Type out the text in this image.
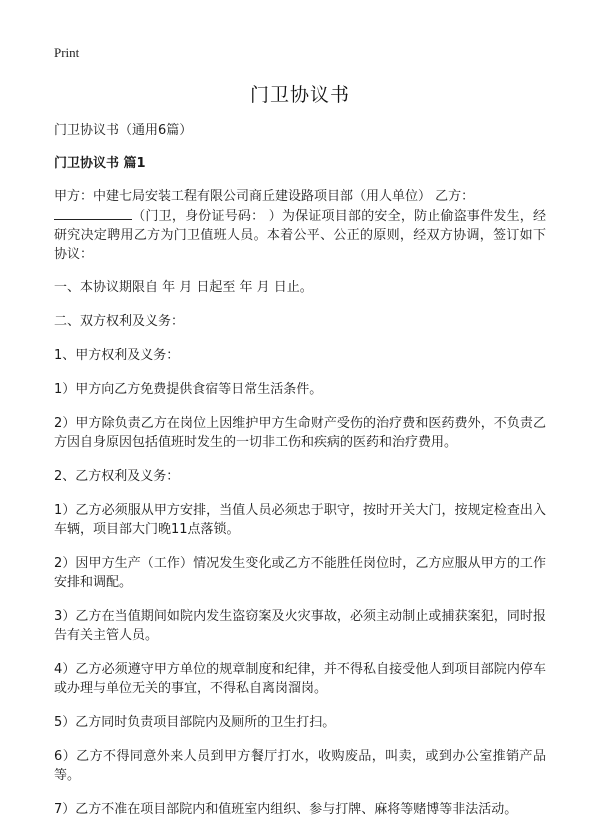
Print
门卫协议书

门卫协议书（通用6篇）

门卫协议书 篇1

甲方：中建七局安装工程有限公司商丘建设路项目部（用人单位） 乙方：
（门卫，身份证号码： ）为保证项目部的安全，防止偷盗事件发生，经研究决定聘用乙方为门卫值班人员。本着公平、公正的原则，经双方协调，签订如下协议：

一、本协议期限自 年 月 日起至 年 月 日止。

二、双方权利及义务：

1、甲方权利及义务：

1）甲方向乙方免费提供食宿等日常生活条件。

2）甲方除负责乙方在岗位上因维护甲方生命财产受伤的治疗费和医药费外，不负责乙方因自身原因包括值班时发生的一切非工伤和疾病的医药和治疗费用。

2、乙方权利及义务：

1）乙方必须服从甲方安排，当值人员必须忠于职守，按时开关大门，按规定检查出入车辆，项目部大门晚11点落锁。

2）因甲方生产（工作）情况发生变化或乙方不能胜任岗位时，乙方应服从甲方的工作安排和调配。

3）乙方在当值期间如院内发生盗窃案及火灾事故，必须主动制止或捕获案犯，同时报告有关主管人员。

4）乙方必须遵守甲方单位的规章制度和纪律，并不得私自接受他人到项目部院内停车或办理与单位无关的事宜，不得私自离岗溜岗。

5）乙方同时负责项目部院内及厕所的卫生打扫。

6）乙方不得同意外来人员到甲方餐厅打水，收购废品，叫卖，或到办公室推销产品等。

7）乙方不准在项目部院内和值班室内组织、参与打牌、麻将等赌博等非法活动。
